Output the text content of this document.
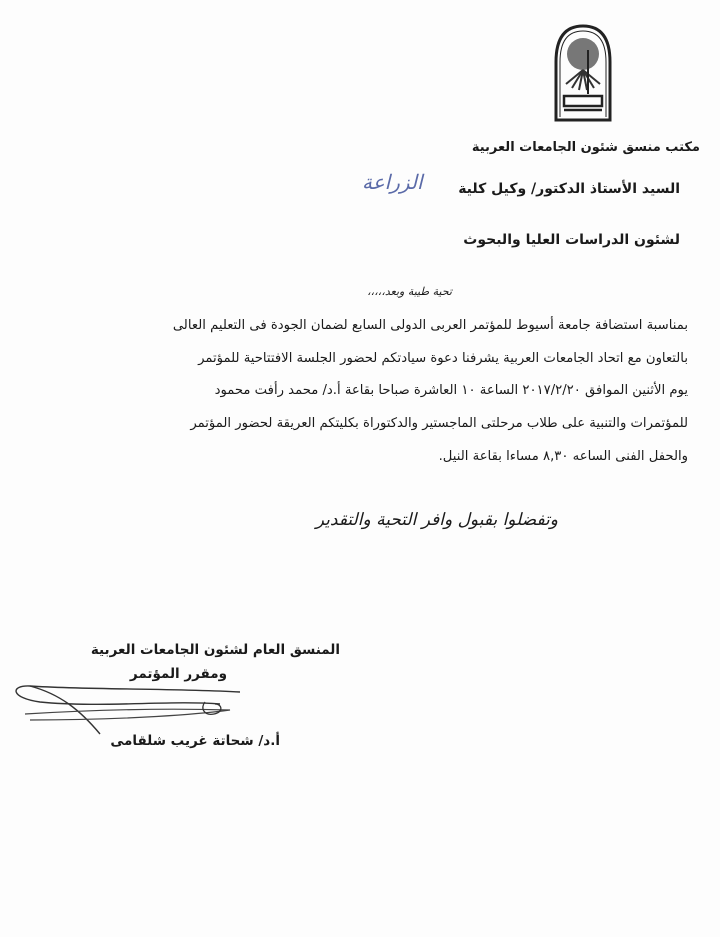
مكتب منسق شئون الجامعات العربية
السيد الأستاذ الدكتور/ وكيل كلية
الزراعة
لشئون الدراسات العليا والبحوث
تحية طيبة وبعد،،،،،
بمناسبة استضافة جامعة أسيوط للمؤتمر العربى الدولى السابع لضمان الجودة فى التعليم العالى
بالتعاون مع اتحاد الجامعات العربية يشرفنا دعوة سيادتكم لحضور الجلسة الافتتاحية للمؤتمر
يوم الأثنين الموافق ٢٠١٧/٢/٢٠ الساعة ١٠ العاشرة صباحا بقاعة أ.د/ محمد رأفت محمود
للمؤتمرات والتنبية على طلاب مرحلتى الماجستير والدكتوراة بكليتكم العريقة لحضور المؤتمر
والحفل الفنى الساعه ٨,٣٠ مساءا بقاعة النيل.
وتفضلوا بقبول وافر التحية والتقدير
المنسق العام لشئون الجامعات العربية
ومقرر المؤتمر
أ.د/ شحاتة غريب شلقامى
